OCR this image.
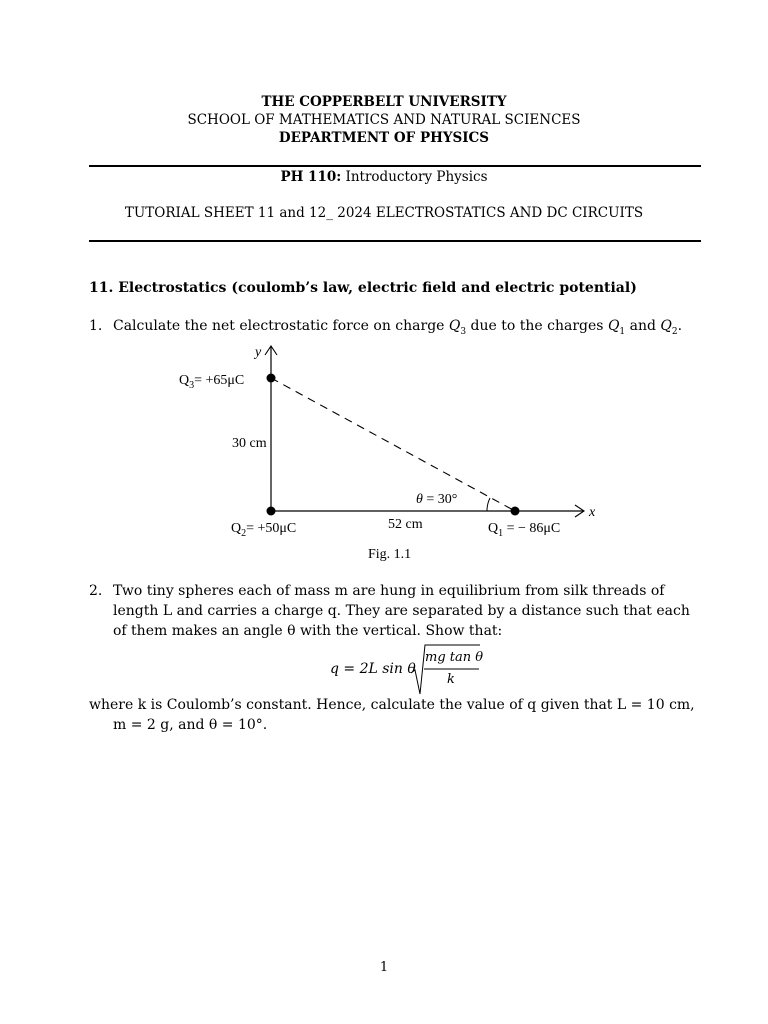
THE COPPERBELT UNIVERSITY
SCHOOL OF MATHEMATICS AND NATURAL SCIENCES
DEPARTMENT OF PHYSICS
PH 110: Introductory Physics
TUTORIAL SHEET 11 and 12_ 2024 ELECTROSTATICS AND DC CIRCUITS
11. Electrostatics (coulomb’s law, electric field and electric potential)
1. Calculate the net electrostatic force on charge $Q_3$ due to the charges $Q_1$ and $Q_2$.
y
x
$Q_3= +65\mu C$
30 cm
θ = 30°
$Q_2= +50\mu C$	52 cm	$Q_1$ = − 86μC
Fig. 1.1
2. Two tiny spheres each of mass m are hung in equilibrium from silk threads of
length L and carries a charge q. They are separated by a distance such that each
of them makes an angle θ with the vertical. Show that:
q = 2L sin θ
mg tan θ
k
where k is Coulomb’s constant. Hence, calculate the value of q given that L = 10 cm,
m = 2 g, and θ = 10°.
1
